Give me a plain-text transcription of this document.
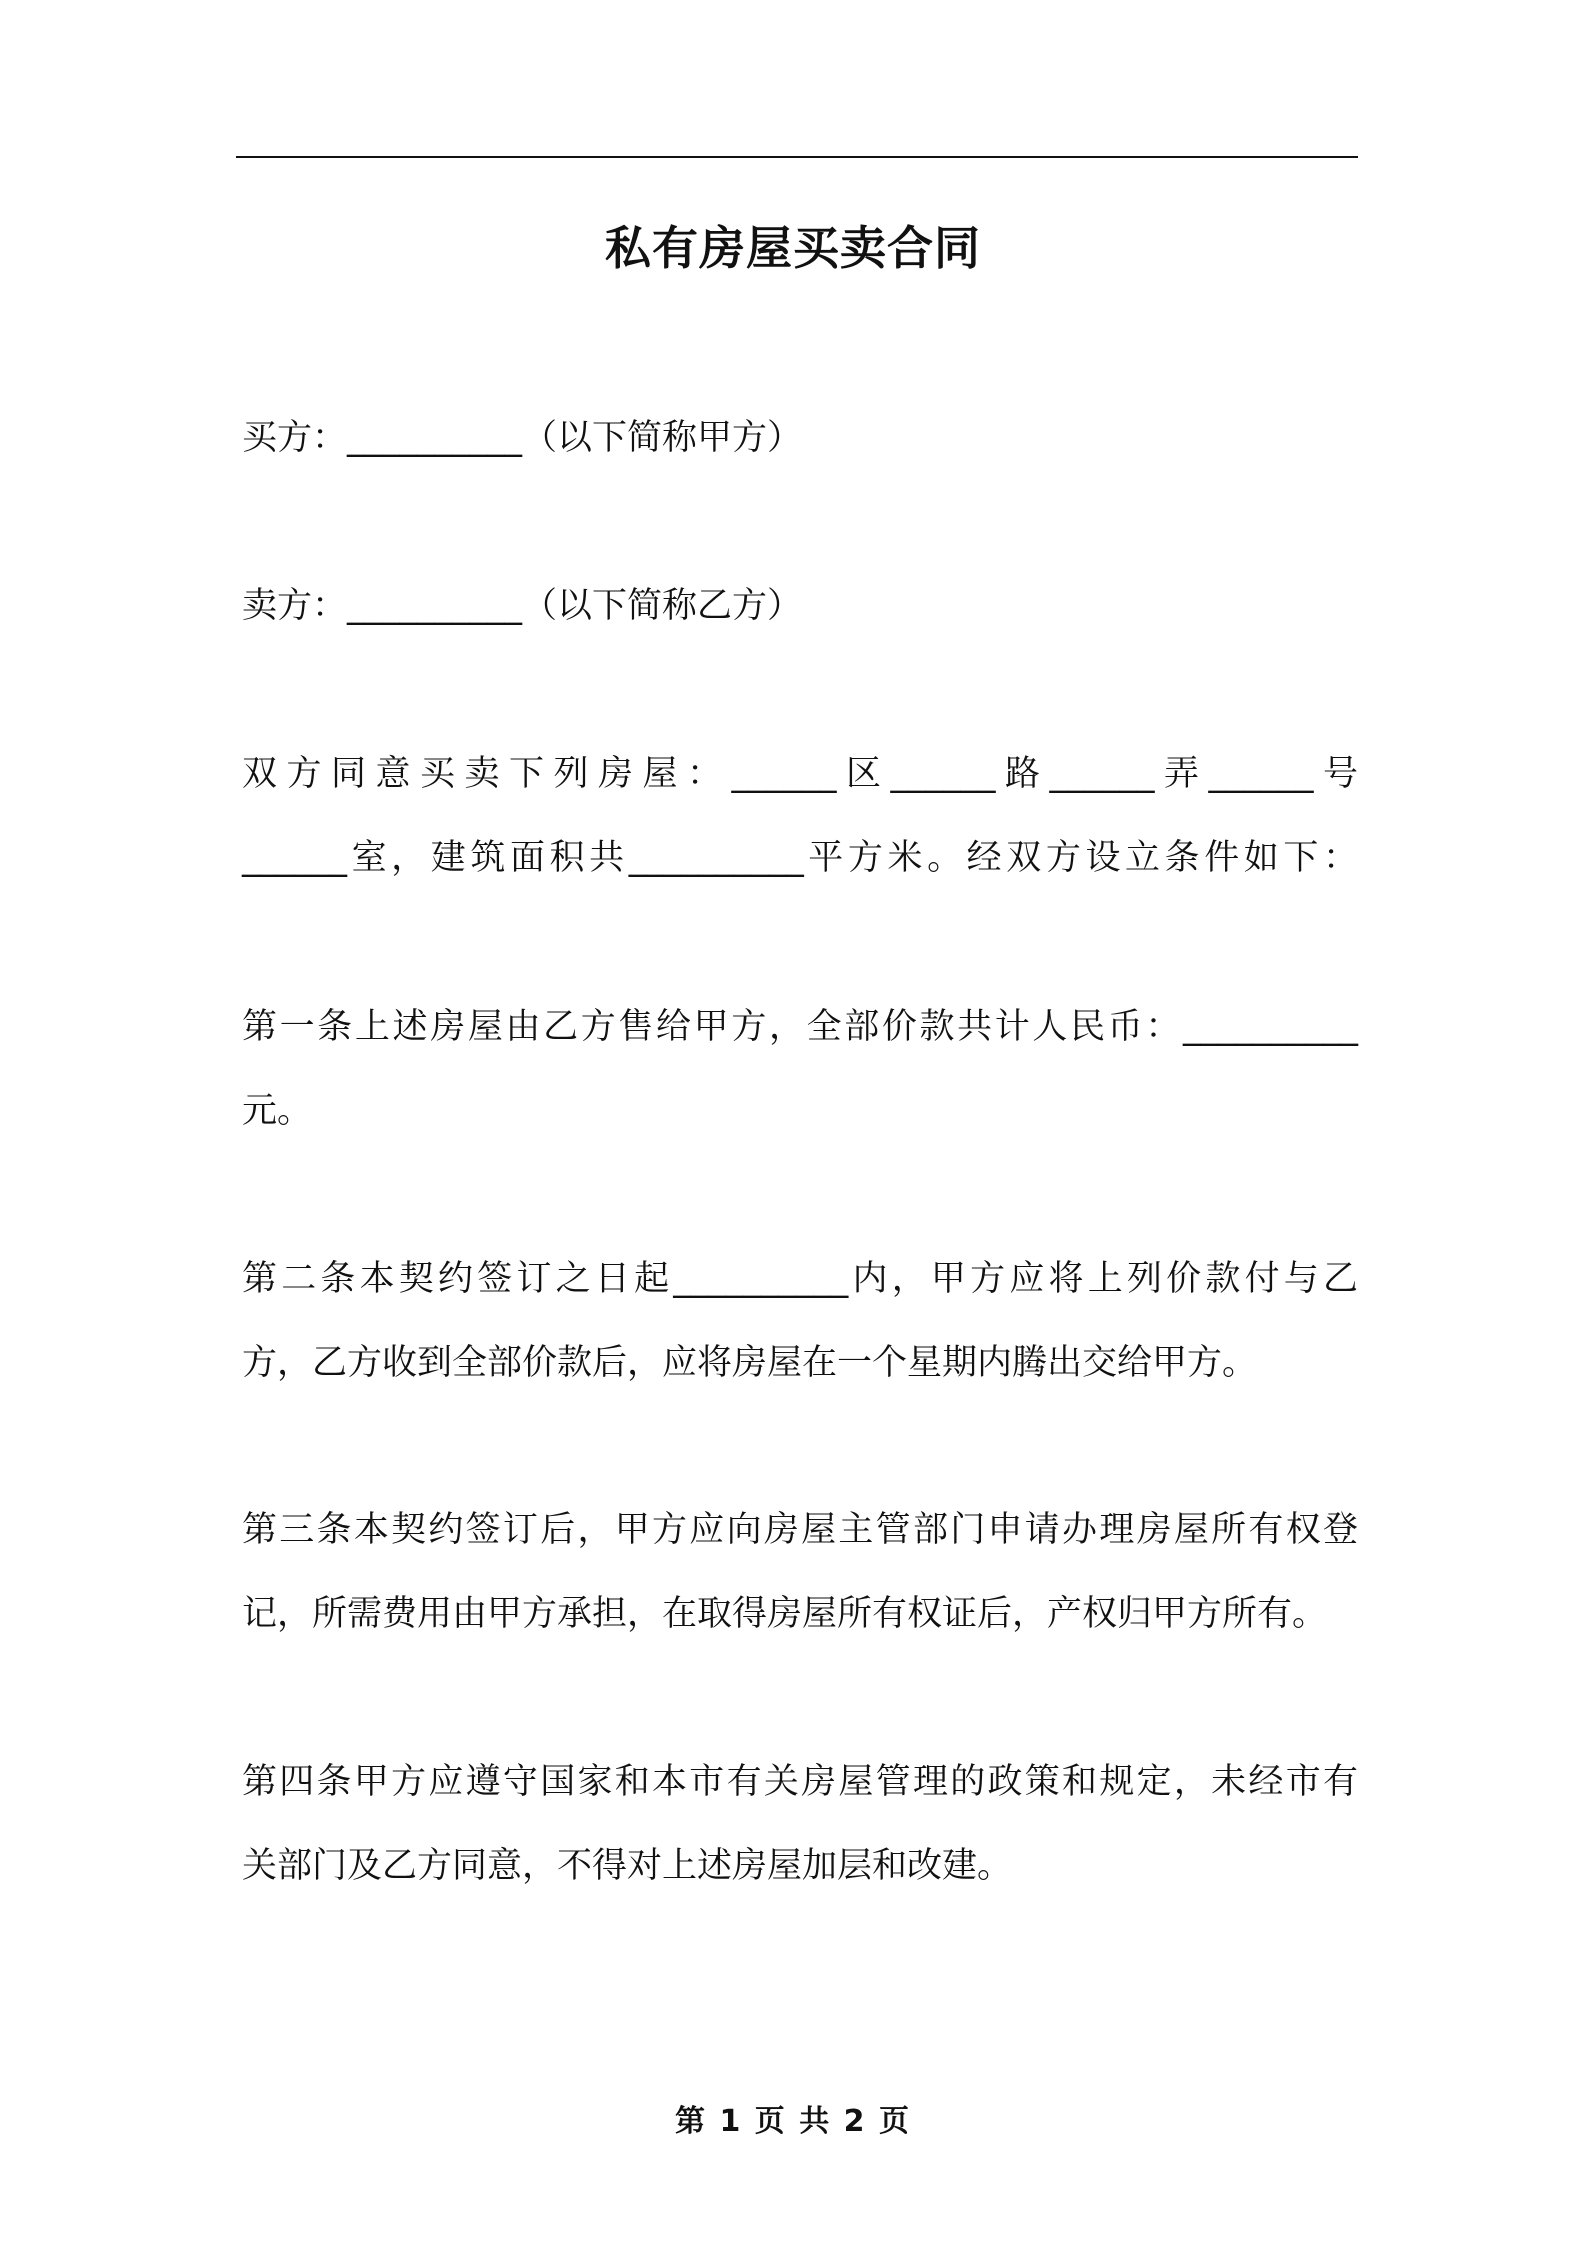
私有房屋买卖合同
买方：__________（以下简称甲方）
卖方：__________（以下简称乙方）
双方同意买卖下列房屋：______区______路______弄______号
______室，建筑面积共__________平方米。经双方设立条件如下：
第一条上述房屋由乙方售给甲方，全部价款共计人民币：__________
元。
第二条本契约签订之日起__________内，甲方应将上列价款付与乙
方，乙方收到全部价款后，应将房屋在一个星期内腾出交给甲方。
第三条本契约签订后，甲方应向房屋主管部门申请办理房屋所有权登
记，所需费用由甲方承担，在取得房屋所有权证后，产权归甲方所有。
第四条甲方应遵守国家和本市有关房屋管理的政策和规定，未经市有
关部门及乙方同意，不得对上述房屋加层和改建。
第 1 页 共 2 页
